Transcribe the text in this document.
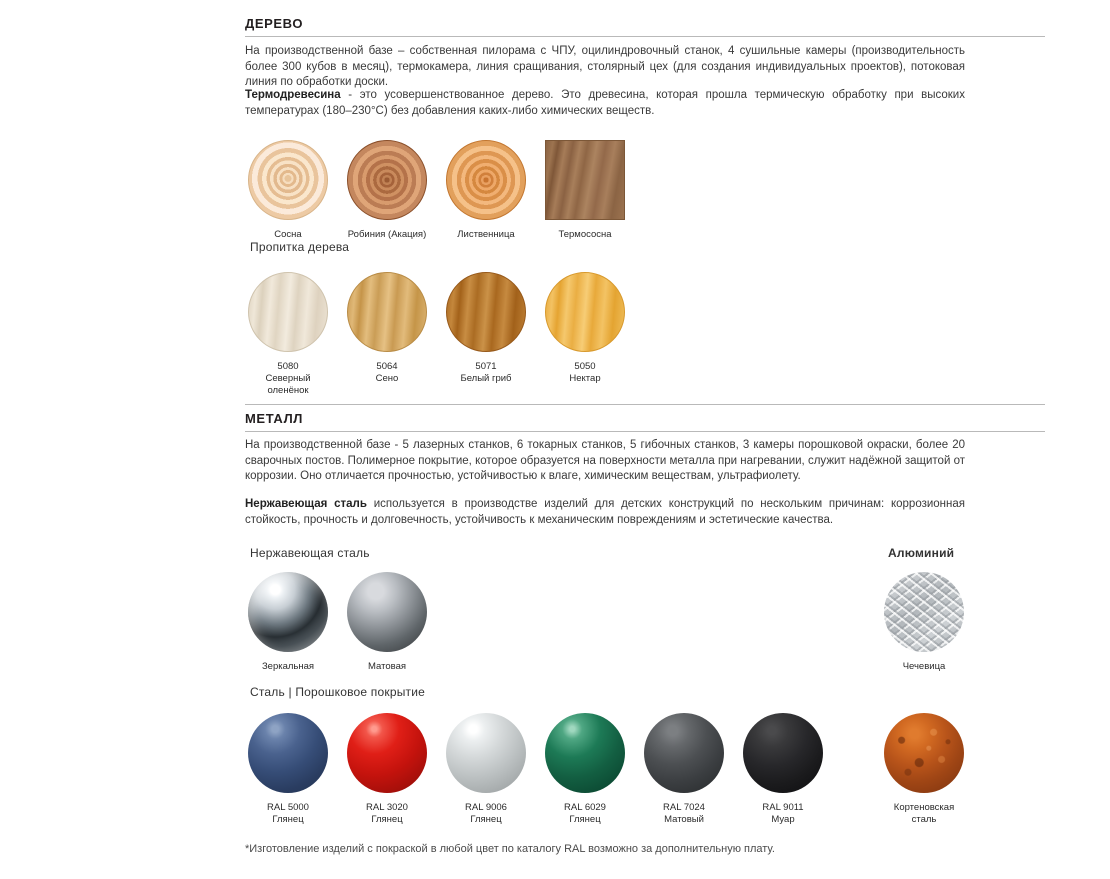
ДЕРЕВО
На производственной базе – собственная пилорама с ЧПУ, оцилиндровочный станок, 4 сушильные камеры (производительность более 300 кубов в месяц), термокамера, линия сращивания, столярный цех (для создания индивидуальных проектов), потоковая линия по обработки доски.
Термодревесина - это усовершенствованное дерево. Это древесина, которая прошла термическую обработку при высоких температурах (180–230°С) без добавления каких-либо химических веществ.
Сосна	Робиния (Акация)	Лиственница	Термососна
Пропитка дерева
5080
Северный оленёнок
5064
Сено
5071
Белый гриб
5050
Нектар
МЕТАЛЛ
На производственной базе - 5 лазерных станков, 6 токарных станков, 5 гибочных станков, 3 камеры порошковой окраски, более 20 сварочных постов. Полимерное покрытие, которое образуется на поверхности металла при нагревании, служит надёжной защитой от коррозии. Оно отличается прочностью, устойчивостью к влаге, химическим веществам, ультрафиолету.
Нержавеющая сталь используется в производстве изделий для детских конструкций по нескольким причинам: коррозионная стойкость, прочность и долговечность, устойчивость к механическим повреждениям и эстетические качества.
Нержавеющая сталь	Алюминий
Зеркальная	Матовая	Чечевица
Сталь | Порошковое покрытие
RAL 5000
Глянец
RAL 3020
Глянец
RAL 9006
Глянец
RAL 6029
Глянец
RAL 7024
Матовый
RAL 9011
Муар
Кортеновская
сталь
*Изготовление изделий с покраской в любой цвет по каталогу RAL возможно за дополнительную плату.
